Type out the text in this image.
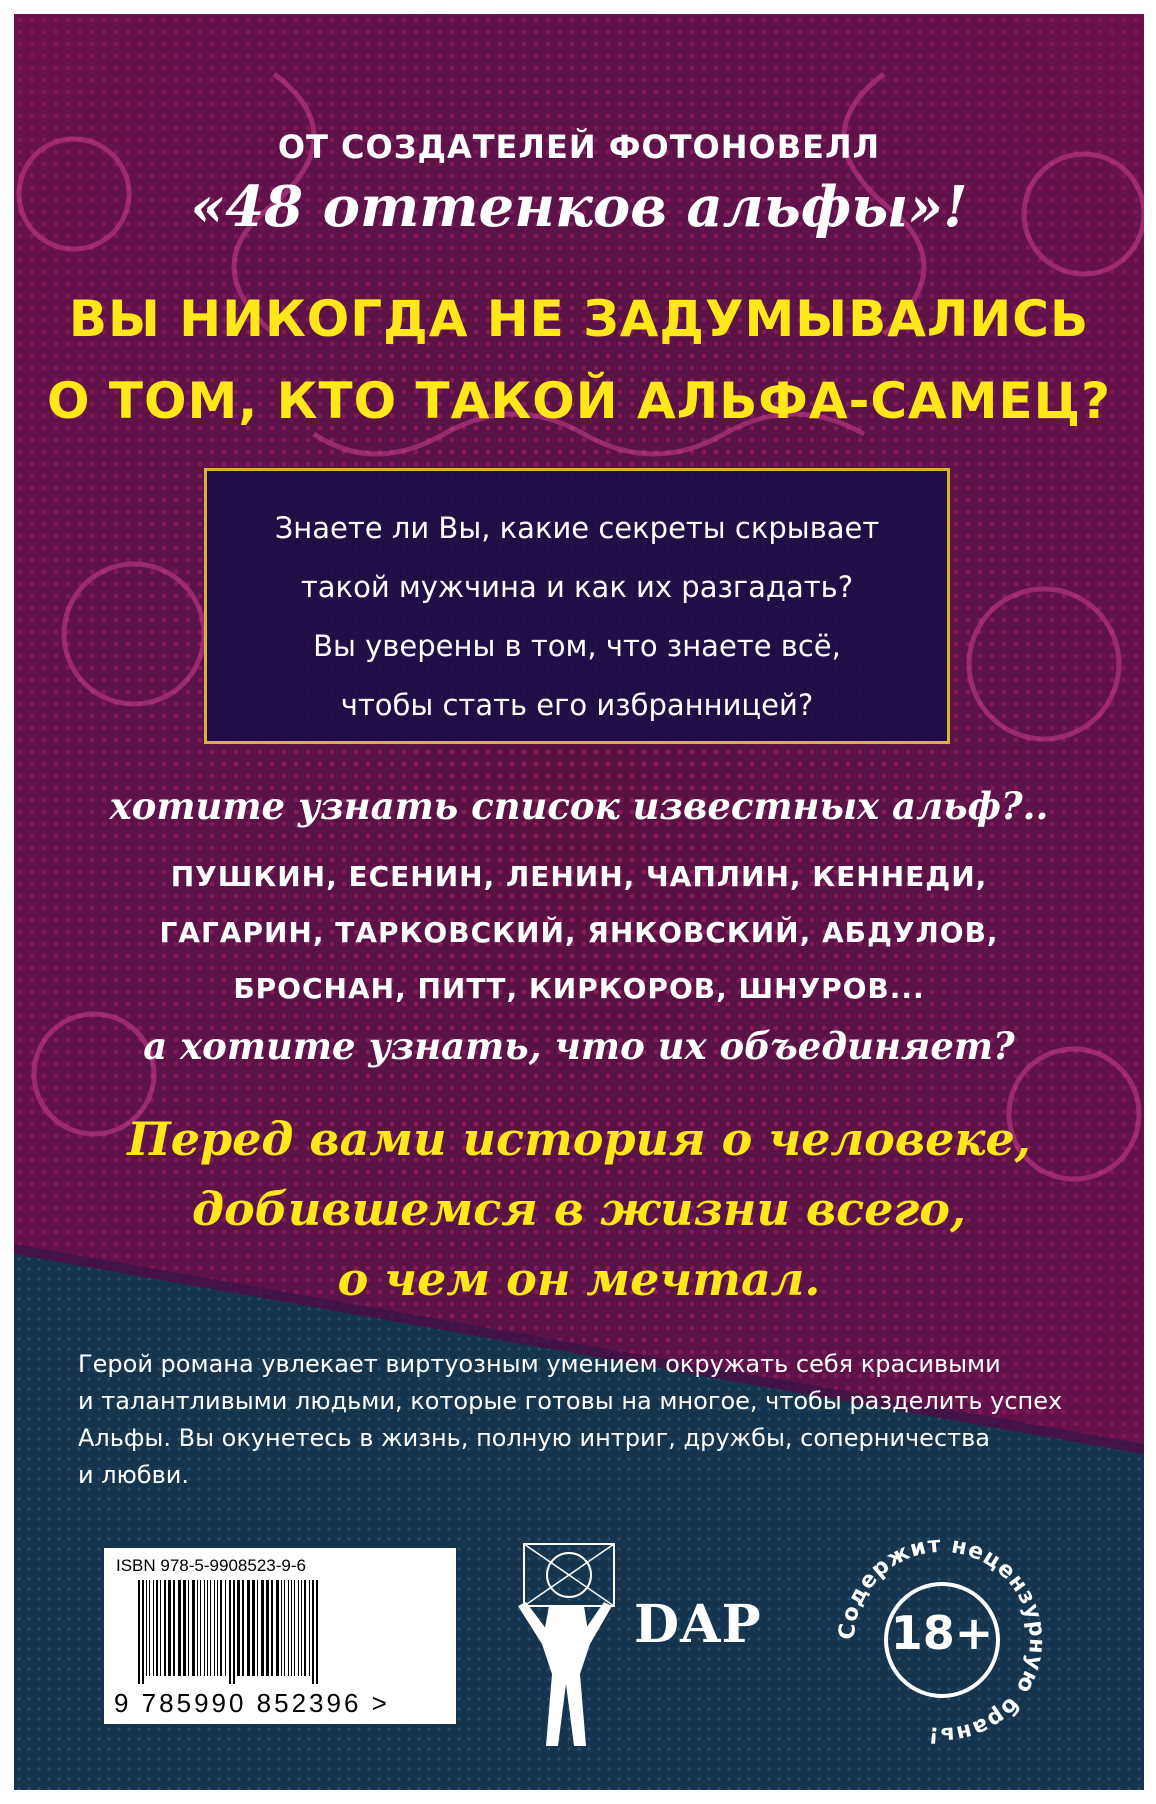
ОТ СОЗДАТЕЛЕЙ ФОТОНОВЕЛЛ

«48 оттенков альфы»!

ВЫ НИКОГДА НЕ ЗАДУМЫВАЛИСЬ

О ТОМ, КТО ТАКОЙ АЛЬФА-САМЕЦ?

Знаете ли Вы, какие секреты скрывает

такой мужчина и как их разгадать?

Вы уверены в том, что знаете всё,

чтобы стать его избранницей?

хотите узнать список известных альф?..

ПУШКИН, ЕСЕНИН, ЛЕНИН, ЧАПЛИН, КЕННЕДИ,

ГАГАРИН, ТАРКОВСКИЙ, ЯНКОВСКИЙ, АБДУЛОВ,

БРОСНАН, ПИТТ, КИРКОРОВ, ШНУРОВ...

а хотите узнать, что их объединяет?

Перед вами история о человеке,

добившемся в жизни всего,

о чем он мечтал.

Герой романа увлекает виртуозным умением окружать себя красивыми
и талантливыми людьми, которые готовы на многое, чтобы разделить успех
Альфы. Вы окунетесь в жизнь, полную интриг, дружбы, соперничества
и любви.

ISBN 978-5-9908523-9-6

9 785990 852396 >

DAP	Содержит нецензурную брань!

18+
